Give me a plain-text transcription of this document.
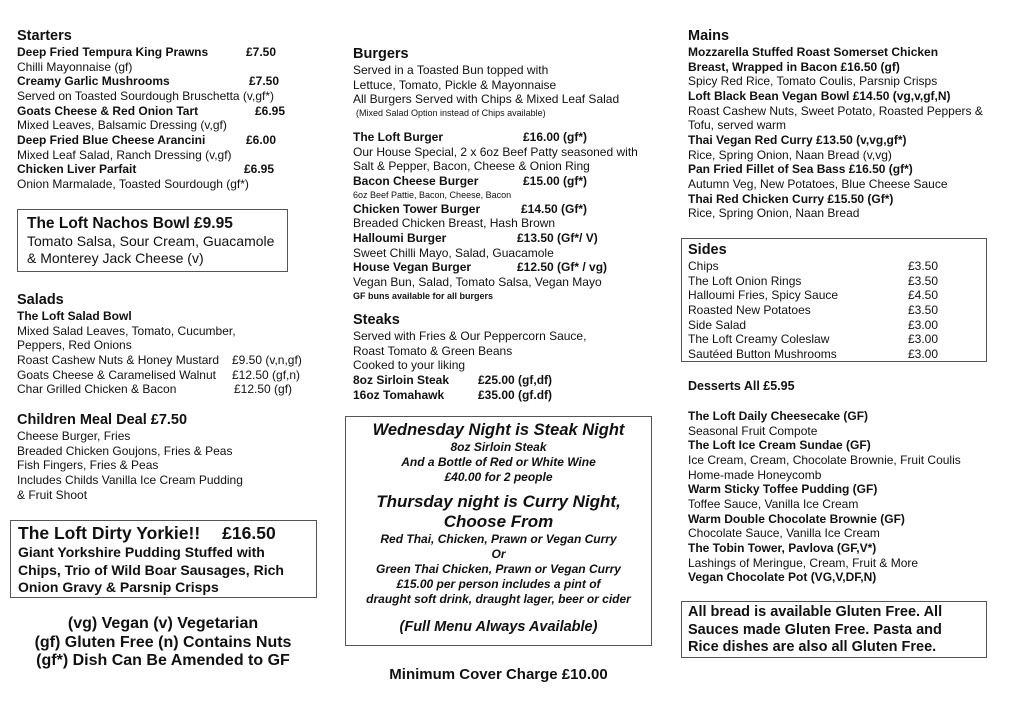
Starters
Deep Fried Tempura King Prawns	£7.50
Chilli Mayonnaise (gf)
Creamy Garlic Mushrooms	£7.50
Served on Toasted Sourdough Bruschetta (v,gf*)
Goats Cheese & Red Onion Tart	£6.95
Mixed Leaves, Balsamic Dressing (v,gf)
Deep Fried Blue Cheese Arancini	£6.00
Mixed Leaf Salad, Ranch Dressing (v,gf)
Chicken Liver Parfait	£6.95
Onion Marmalade, Toasted Sourdough (gf*)
The Loft Nachos Bowl £9.95
Tomato Salsa, Sour Cream, Guacamole
& Monterey Jack Cheese (v)
Salads
The Loft Salad Bowl
Mixed Salad Leaves, Tomato, Cucumber,
Peppers, Red Onions
Roast Cashew Nuts & Honey Mustard £9.50 (v,n,gf)
Goats Cheese & Caramelised Walnut £12.50 (gf,n)
Char Grilled Chicken & Bacon	£12.50 (gf)
Children Meal Deal £7.50
Cheese Burger, Fries
Breaded Chicken Goujons, Fries & Peas
Fish Fingers, Fries & Peas
Includes Childs Vanilla Ice Cream Pudding
& Fruit Shoot
The Loft Dirty Yorkie!! £16.50
Giant Yorkshire Pudding Stuffed with
Chips, Trio of Wild Boar Sausages, Rich
Onion Gravy & Parsnip Crisps
(vg) Vegan (v) Vegetarian
(gf) Gluten Free (n) Contains Nuts
(gf*) Dish Can Be Amended to GF
Burgers
Served in a Toasted Bun topped with
Lettuce, Tomato, Pickle & Mayonnaise
All Burgers Served with Chips & Mixed Leaf Salad
(Mixed Salad Option instead of Chips available)
The Loft Burger	£16.00 (gf*)
Our House Special, 2 x 6oz Beef Patty seasoned with
Salt & Pepper, Bacon, Cheese & Onion Ring
Bacon Cheese Burger	£15.00 (gf*)
6oz Beef Pattie, Bacon, Cheese, Bacon
Chicken Tower Burger	£14.50 (Gf*)
Breaded Chicken Breast, Hash Brown
Halloumi Burger	£13.50 (Gf*/ V)
Sweet Chilli Mayo, Salad, Guacamole
House Vegan Burger	£12.50 (Gf* / vg)
Vegan Bun, Salad, Tomato Salsa, Vegan Mayo
GF buns available for all burgers
Steaks
Served with Fries & Our Peppercorn Sauce,
Roast Tomato & Green Beans
Cooked to your liking
8oz Sirloin Steak £25.00 (gf,df)
16oz Tomahawk	£35.00 (gf.df)
Wednesday Night is Steak Night
8oz Sirloin Steak
And a Bottle of Red or White Wine
£40.00 for 2 people
Thursday night is Curry Night,
Choose From
Red Thai, Chicken, Prawn or Vegan Curry
Or
Green Thai Chicken, Prawn or Vegan Curry
£15.00 per person includes a pint of
draught soft drink, draught lager, beer or cider
(Full Menu Always Available)
Minimum Cover Charge £10.00
Mains
Mozzarella Stuffed Roast Somerset Chicken
Breast, Wrapped in Bacon £16.50 (gf)
Spicy Red Rice, Tomato Coulis, Parsnip Crisps
Loft Black Bean Vegan Bowl £14.50 (vg,v,gf,N)
Roast Cashew Nuts, Sweet Potato, Roasted Peppers &
Tofu, served warm
Thai Vegan Red Curry £13.50 (v,vg,gf*)
Rice, Spring Onion, Naan Bread (v,vg)
Pan Fried Fillet of Sea Bass £16.50 (gf*)
Autumn Veg, New Potatoes, Blue Cheese Sauce
Thai Red Chicken Curry £15.50 (Gf*)
Rice, Spring Onion, Naan Bread
Sides
Chips	£3.50
The Loft Onion Rings	£3.50
Halloumi Fries, Spicy Sauce	£4.50
Roasted New Potatoes	£3.50
Side Salad	£3.00
The Loft Creamy Coleslaw	£3.00
Sautéed Button Mushrooms	£3.00
Desserts All £5.95
The Loft Daily Cheesecake (GF)
Seasonal Fruit Compote
The Loft Ice Cream Sundae (GF)
Ice Cream, Cream, Chocolate Brownie, Fruit Coulis
Home-made Honeycomb
Warm Sticky Toffee Pudding (GF)
Toffee Sauce, Vanilla Ice Cream
Warm Double Chocolate Brownie (GF)
Chocolate Sauce, Vanilla Ice Cream
The Tobin Tower, Pavlova (GF,V*)
Lashings of Meringue, Cream, Fruit & More
Vegan Chocolate Pot (VG,V,DF,N)
All bread is available Gluten Free. All
Sauces made Gluten Free. Pasta and
Rice dishes are also all Gluten Free.
